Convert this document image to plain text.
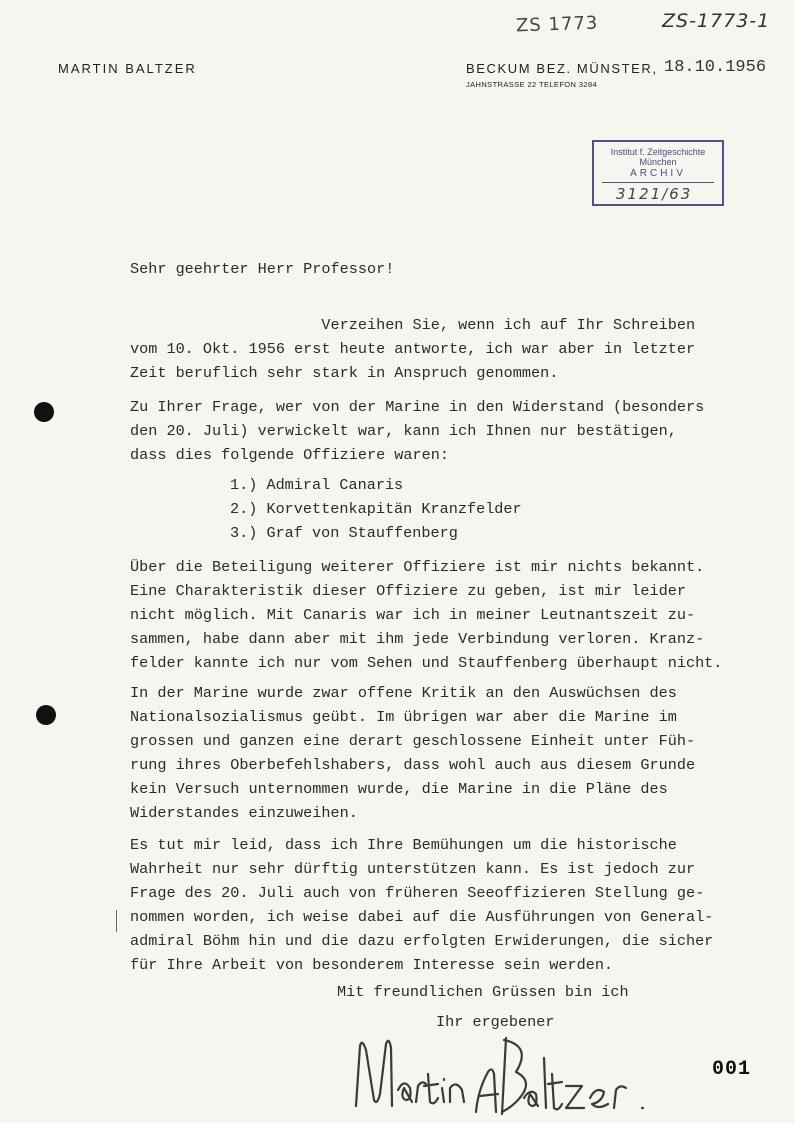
ZS 1773	ZS-1773-1
MARTIN BALTZER	BECKUM BEZ. MÜNSTER, 18.10.1956
JAHNSTRASSE 22 TELEFON 3284
Institut f. Zeitgeschichte
München
ARCHIV
3121/63
Sehr geehrter Herr Professor!
Verzeihen Sie, wenn ich auf Ihr Schreiben
vom 10. Okt. 1956 erst heute antworte, ich war aber in letzter
Zeit beruflich sehr stark in Anspruch genommen.
Zu Ihrer Frage, wer von der Marine in den Widerstand (besonders
den 20. Juli) verwickelt war, kann ich Ihnen nur bestätigen,
dass dies folgende Offiziere waren:
1.) Admiral Canaris
2.) Korvettenkapitän Kranzfelder
3.) Graf von Stauffenberg
Über die Beteiligung weiterer Offiziere ist mir nichts bekannt.
Eine Charakteristik dieser Offiziere zu geben, ist mir leider
nicht möglich. Mit Canaris war ich in meiner Leutnantszeit zu-
sammen, habe dann aber mit ihm jede Verbindung verloren. Kranz-
felder kannte ich nur vom Sehen und Stauffenberg überhaupt nicht.
In der Marine wurde zwar offene Kritik an den Auswüchsen des
Nationalsozialismus geübt. Im übrigen war aber die Marine im
grossen und ganzen eine derart geschlossene Einheit unter Füh-
rung ihres Oberbefehlshabers, dass wohl auch aus diesem Grunde
kein Versuch unternommen wurde, die Marine in die Pläne des
Widerstandes einzuweihen.
Es tut mir leid, dass ich Ihre Bemühungen um die historische
Wahrheit nur sehr dürftig unterstützen kann. Es ist jedoch zur
Frage des 20. Juli auch von früheren Seeoffizieren Stellung ge-
nommen worden, ich weise dabei auf die Ausführungen von General-
admiral Böhm hin und die dazu erfolgten Erwiderungen, die sicher
für Ihre Arbeit von besonderem Interesse sein werden.
Mit freundlichen Grüssen bin ich
Ihr ergebener
001
